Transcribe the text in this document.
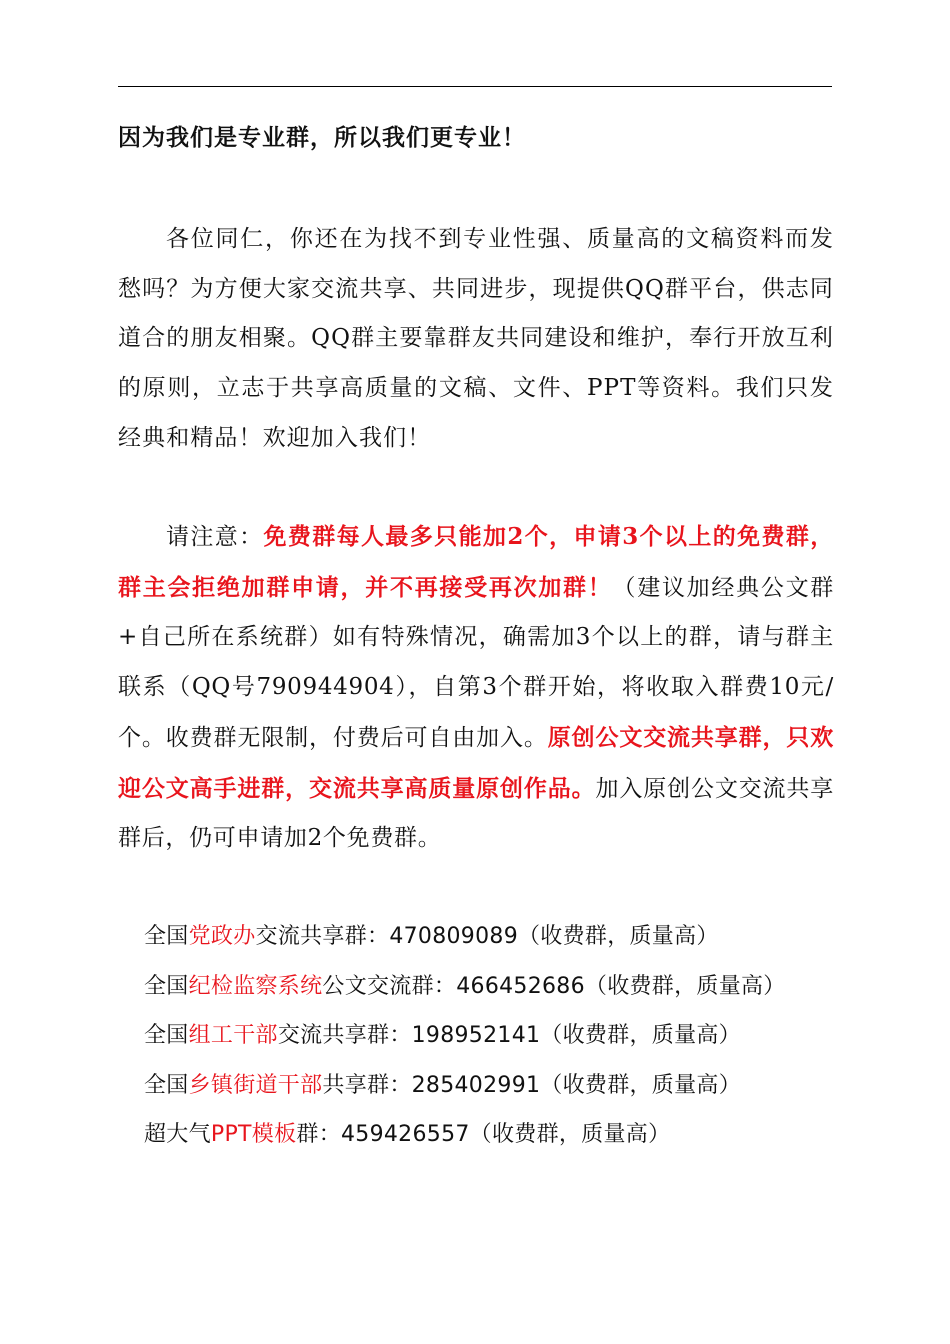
因为我们是专业群，所以我们更专业！
各位同仁，你还在为找不到专业性强、质量高的文稿资料而发愁吗？为方便大家交流共享、共同进步，现提供QQ群平台，供志同道合的朋友相聚。QQ群主要靠群友共同建设和维护，奉行开放互利的原则，立志于共享高质量的文稿、文件、PPT等资料。我们只发经典和精品！欢迎加入我们！
请注意：免费群每人最多只能加2个，申请3个以上的免费群，群主会拒绝加群申请，并不再接受再次加群！（建议加经典公文群+自己所在系统群）如有特殊情况，确需加3个以上的群，请与群主联系（QQ号790944904），自第3个群开始，将收取入群费10元/个。收费群无限制，付费后可自由加入。原创公文交流共享群，只欢迎公文高手进群，交流共享高质量原创作品。加入原创公文交流共享群后，仍可申请加2个免费群。
全国党政办交流共享群：470809089（收费群，质量高）
全国纪检监察系统公文交流群：466452686（收费群，质量高）
全国组工干部交流共享群：198952141（收费群，质量高）
全国乡镇街道干部共享群：285402991（收费群，质量高）
超大气PPT模板群：459426557（收费群，质量高）
